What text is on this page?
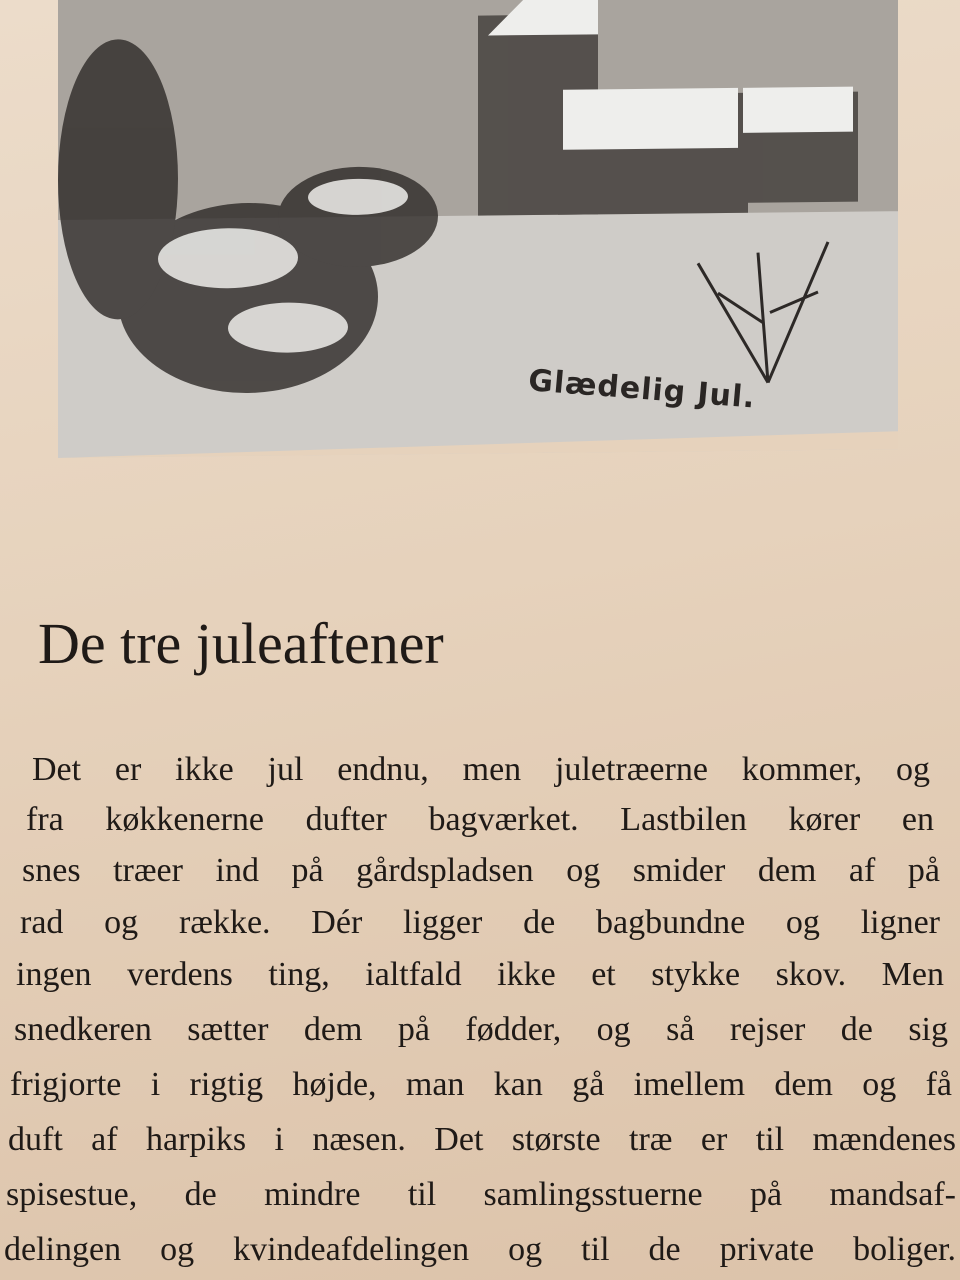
Glædelig Jul.
De tre juleaftener
Det er ikke jul endnu, men juletræerne kommer, og
fra køkkenerne dufter bagværket. Lastbilen kører en
snes træer ind på gårdspladsen og smider dem af på
rad og række. Dér ligger de bagbundne og ligner
ingen verdens ting, ialtfald ikke et stykke skov. Men
snedkeren sætter dem på fødder, og så rejser de sig
frigjorte i rigtig højde, man kan gå imellem dem og få
duft af harpiks i næsen. Det største træ er til mændenes
spisestue, de mindre til samlingsstuerne på mandsaf-
delingen og kvindeafdelingen og til de private boliger.
